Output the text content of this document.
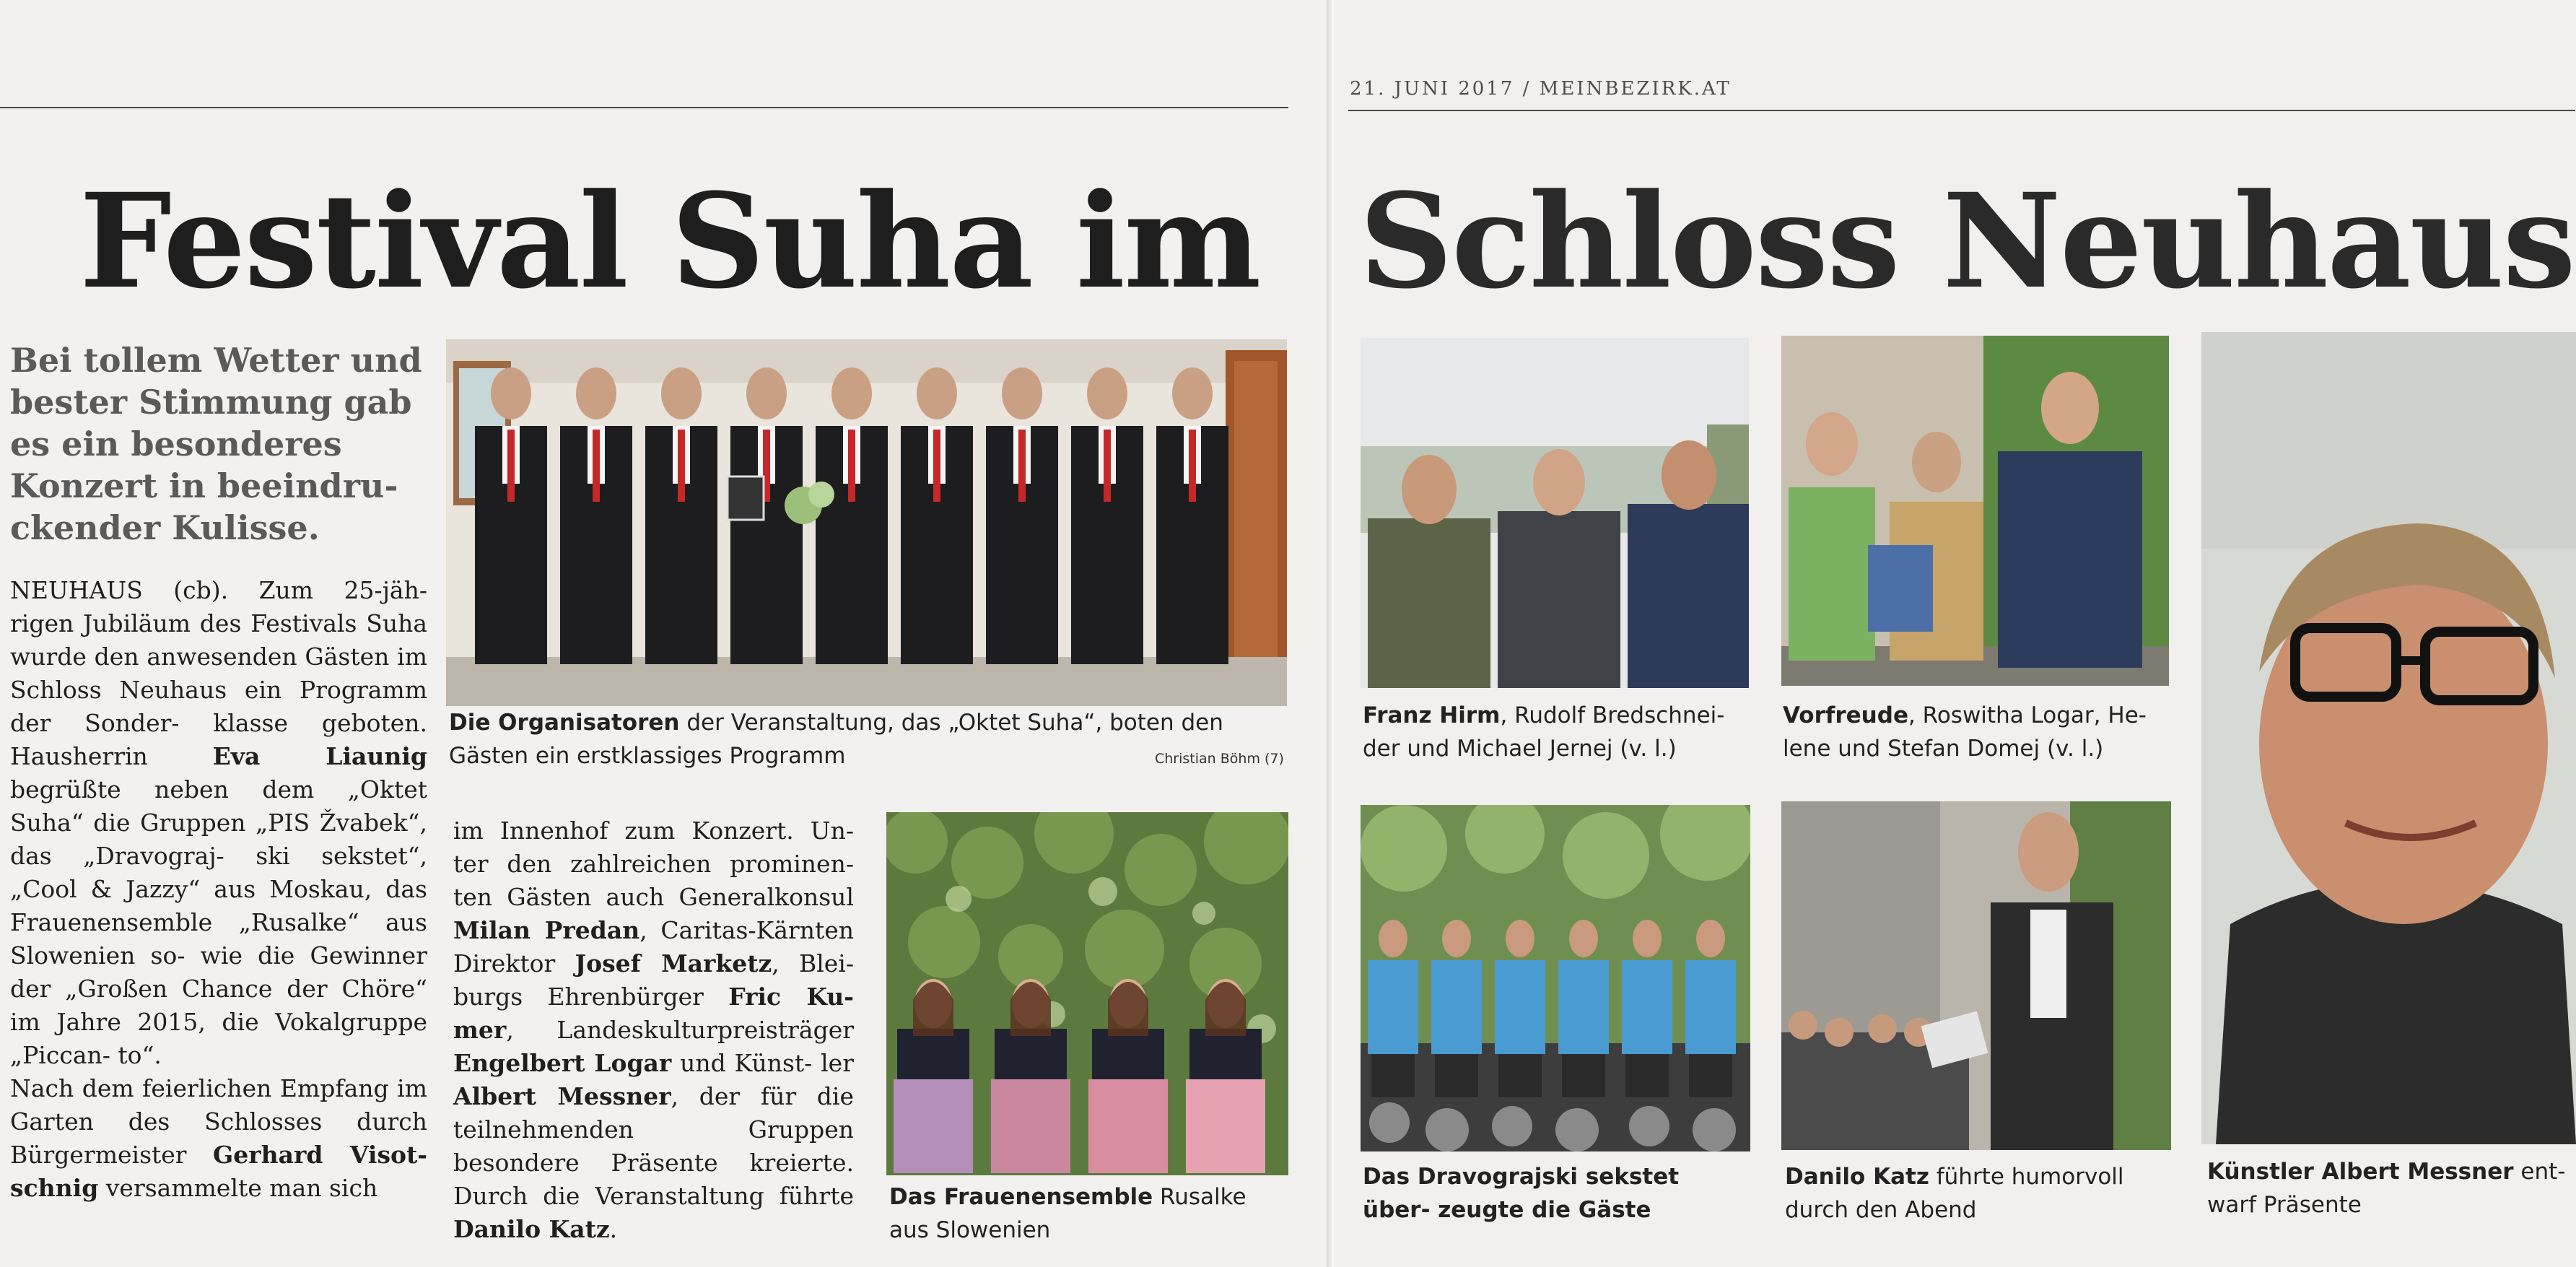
Festival Suha im
Bei tollem Wetter und bester Stimmung gab es ein besonderes Konzert in beeindru- ckender Kulisse.
Die Organisatoren der Veranstaltung, das „Oktet Suha“, boten den Gästen ein erstklassiges Programm	Christian Böhm (7)

NEUHAUS (cb). Zum 25-jäh- rigen Jubiläum des Festivals Suha wurde den anwesenden Gästen im Schloss Neuhaus ein Programm der Sonder- klasse geboten. Hausherrin Eva Liaunig begrüßte neben dem „Oktet Suha“ die Gruppen „PIS Žvabek“, das „Dravograj- ski sekstet“, „Cool & Jazzy“ aus Moskau, das Frauenensemble „Rusalke“ aus Slowenien so- wie die Gewinner der „Großen Chance der Chöre“ im Jahre 2015, die Vokalgruppe „Piccan- to“.

Nach dem feierlichen Empfang im Garten des Schlosses durch Bürgermeister Gerhard Visot- schnig versammelte man sich

im Innenhof zum Konzert. Un- ter den zahlreichen prominen- ten Gästen auch Generalkonsul Milan Predan, Caritas-Kärnten Direktor Josef Marketz, Blei- burgs Ehrenbürger Fric Ku- mer, Landeskulturpreisträger Engelbert Logar und Künst- ler Albert Messner, der für die teilnehmenden Gruppen besondere Präsente kreierte. Durch die Veranstaltung führte Danilo Katz.

Das Frauenensemble Rusalke aus Slowenien
21. JUNI 2017 / MEINBEZIRK.AT
Schloss Neuhaus
Franz Hirm, Rudolf Bredschnei- der und Michael Jernej (v. l.)
Vorfreude, Roswitha Logar, He- lene und Stefan Domej (v. l.)
Das Dravograjski sekstet über- zeugte die Gäste
Danilo Katz führte humorvoll durch den Abend
Künstler Albert Messner ent- warf Präsente
